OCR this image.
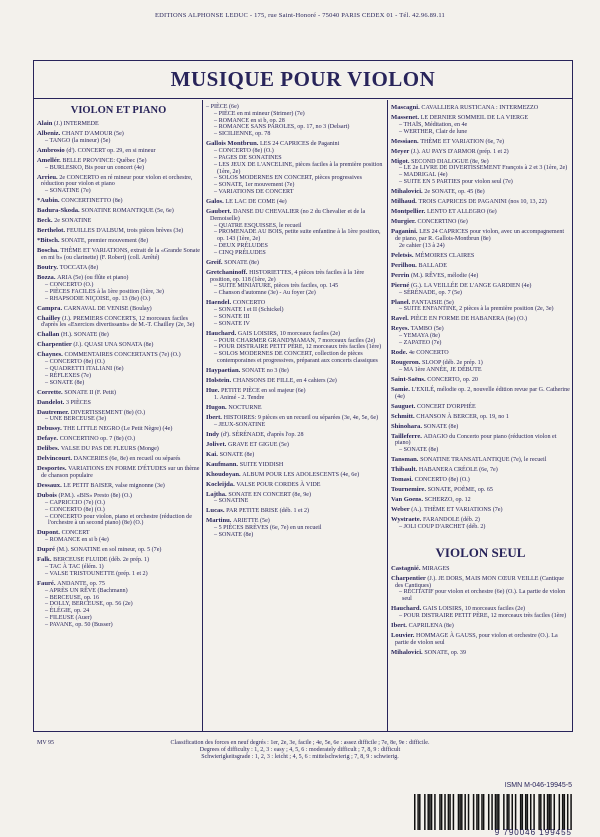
EDITIONS ALPHONSE LEDUC - 175, rue Saint-Honoré - 75040 PARIS CEDEX 01 - Tél. 42.96.89.11
MUSIQUE POUR VIOLON
VIOLON ET PIANO
Alain (J.) INTERMEDE
Albeniz. CHANT D'AMOUR (5e)
– TANGO (la mineur) (5e)
Ambrosio (d'). CONCERT op. 29, en si mineur
Amellér. BELLE PROVINCE: Québec (5e)
– BURLESKO, Bis pour un concert (4e)
Arrieu. 2e CONCERTO en ré mineur pour violon et orchestre, réduction pour violon et piano
– SONATINE (7e)
*Aubin. CONCERTINETTO (8e)
Badura-Skoda. SONATINE ROMANTIQUE (5e, 6e)
Beck. 2e SONATINE
Berthelot. FEUILLES D'ALBUM, trois pièces brèves (3e)
*Bitsch. SONATE, premier mouvement (8e)
Boscha. THÈME ET VARIATIONS, extrait de la «Grande Sonate en mi b» (ou clarinette) (F. Robert) (coll. Arrêté)
Boutry. TOCCATA (8e)
Bozza. ARIA (5e) (ou flûte et piano)
– CONCERTO (O.)
– PIÈCES FACILES à la 1ère position (1ère, 3e)
– RHAPSODIE NIÇOISE, op. 13 (8e) (O.)
Campra. CARNAVAL DE VENISE (Boulay)
Chailley (J.). PREMIERS CONCERTS, 12 morceaux faciles d'après les «Exercices divertissants» de M.-T. Chailley (2e, 3e)
Challan (H.). SONATE (8e)
Charpentier (J.). QUASI UNA SONATA (8e)
Chaynes. COMMENTAIRES CONCERTANTS (7e) (O.)
– CONCERTO (8e) (O.)
– QUADRETTI ITALIANI (6e)
– RÉFLEXES (7e)
– SONATE (8e)
Corrette. SONATE II (F. Petit)
Dandelot. 3 PIÈCES
Dautremer. DIVERTISSEMENT (8e) (O.)
– UNE BERCEUSE (3e)
Debussy. THE LITTLE NEGRO (Le Petit Nègre) (4e)
Defaye. CONCERTINO op. 7 (8e) (O.)
Delibes. VALSE DU PAS DE FLEURS (Monge)
Delvincourt. DANCERIES (6e, 8e) en recueil ou séparés
Desportes. VARIATIONS EN FORME D'ÉTUDES sur un thème de chanson populaire
Dessaux. LE PETIT BAISER, valse mignonne (3e)
Dubois (P.M.). «BIS» Presto (8e) (O.)
– CAPRICCIO (7e) (O.)
– CONCERTO (8e) (O.)
– CONCERTO pour violon, piano et orchestre (réduction de l'orchestre à un second piano) (8e) (O.)
Dupont. CONCERT
– ROMANCE en si b (4e)
Dupré (M.). SONATINE en sol mineur, op. 5 (7e)
Falk. BERCEUSE FLUIDE (déb. 2e prép. 1)
– TAC À TAC (élém. 1)
– VALSE TRISTOUNETTE (prép. 1 et 2)
Fauré. ANDANTE, op. 75
– APRÈS UN RÊVE (Bachmann)
– BERCEUSE, op. 16
– DOLLY, BERCEUSE, op. 56 (2e)
– ÉLÉGIE, op. 24
– FILEUSE (Auer)
– PAVANE, op. 50 (Busser)
– PIÈCE (6e)
– PIÈCE en mi mineur (Strimer) (7e)
– ROMANCE en si b, op. 28
– ROMANCE SANS PAROLES, op. 17, no 3 (Delsart)
– SICILIENNE, op. 78
Gallois Montbrun. LES 24 CAPRICES de Paganini
– CONCERTO (8e) (O.)
– PAGES DE SONATINES
– LES JEUX DE L'ANCELINE, pièces faciles à la première position (1ère, 2e)
– SOLOS MODERNES EN CONCERT, pièces progressives
– SONATE, 1er mouvement (7e)
– VARIATIONS DE CONCERT
Galos. LE LAC DE COME (4e)
Gaubert. DANSE DU CHEVALIER (no 2 du Chevalier et de la Demoiselle)
– QUATRE ESQUISSES, le recueil
– PROMENADE AU BOIS, petite suite enfantine à la 1ère position, op. 143 (1ère, 2e)
– DEUX PRÉLUDES
– CINQ PRÉLUDES
Greif. SONATE (8e)
Gretchaninoff. HISTORIETTES, 4 pièces très faciles à la 1ère position, op. 118 (1ère, 2e)
– SUITE MINIATURE, pièces très faciles, op. 145
– Chanson d'automne (3e) - Au foyer (2e)
Haendel. CONCERTO
– SONATE I et II (Schickel)
– SONATE III
– SONATE IV
Hauchard. GAIS LOISIRS, 10 morceaux faciles (2e)
– POUR CHARMER GRAND'MAMAN, 7 morceaux faciles (2e)
– POUR DISTRAIRE PETIT PÈRE, 12 morceaux très faciles (1ère)
– SOLOS MODERNES DE CONCERT, collection de pièces contemporaines et progressives, préparant aux concerts classiques
Haypaetian. SONATE no 3 (8e)
Holstein. CHANSONS DE FILLE, en 4 cahiers (2e)
Hue. PETITE PIÈCE en sol majeur (6e)
1. Animé - 2. Tendre
Hugon. NOCTURNE
Ibert. HISTOIRES: 9 pièces en un recueil ou séparées (3e, 4e, 5e, 6e)
– JEUX-SONATINE
Indy (d'). SÉRÉNADE, d'après l'op. 28
Jolivet. GRAVE ET GIGUE (5e)
Kai. SONATE (8e)
Kaufmann. SUITE YIDDISH
Khoudoyan. ALBUM POUR LES ADOLESCENTS (4e, 6e)
Kocleijda. VALSE POUR CORDES À VIDE
Lajtha. SONATE EN CONCERT (8e, 9e)
– SONATINE
Lucas. PAR PETITE BRISE (déb. 1 et 2)
Martinu. ARIETTE (5e)
– 5 PIÈCES BRÈVES (6e, 7e) en un recueil
– SONATE (8e)
Mascagni. CAVALLIERA RUSTICANA : INTERMEZZO
Massenet. LE DERNIER SOMMEIL DE LA VIERGE
– THAÏS, Méditation, en 4e
– WERTHER, Clair de lune
Messiaen. THÈME ET VARIATION (6e, 7e)
Meyer (J.). AU PAYS D'ARMOR (prép. 1 et 2)
Migot. SECOND DIALOGUE (8e, 9e)
– LE 2e LIVRE DE DIVERTISSEMENT François à 2 et 3 (1ère, 2e)
– MADRIGAL (4e)
– SUITE EN 5 PARTIES pour violon seul (7e)
Mihalovici. 2e SONATE, op. 45 (8e)
Milhaud. TROIS CAPRICES DE PAGANINI (nos 10, 13, 22)
Montpellier. LENTO ET ALLEGRO (6e)
Murgier. CONCERTINO (6e)
Paganini. LES 24 CAPRICES pour violon, avec un accompagnement de piano, par R. Gallois-Montbrun (8e)
2e cahier (13 à 24)
Peletsis. MÉMOIRES CLAIRES
Perilhou. BALLADE
Perrin (M.). RÊVES, mélodie (4e)
Pierné (G.). LA VEILLÉE DE L'ANGE GARDIEN (4e)
– SÉRÉNADE, op. 7 (5e)
Planel. FANTAISIE (5e)
– SUITE ENFANTINE, 2 pièces à la première position (2e, 3e)
Ravel. PIÈCE EN FORME DE HABANERA (6e) (O.)
Reyes. TAMBO (5e)
– YEMAYA (8e)
– ZAPATEO (7e)
Rode. 4e CONCERTO
Rougeron. SLOOP (déb. 2e prép. 1)
– MA 1ère ANNÉE, JE DÉBUTE
Saint-Saëns. CONCERTO, op. 20
Samie. L'EXILÉ, mélodie op. 2, nouvelle édition revue par G. Catherine (4e)
Sauguet. CONCERT D'ORPHÉE
Schmitt. CHANSON À BERCER, op. 19, no 1
Shinohara. SONATE (8e)
Tailleferre. ADAGIO du Concerto pour piano (réduction violon et piano)
– SONATE (8e)
Tansman. SONATINE TRANSATLANTIQUE (7e), le recueil
Thibault. HABANERA CRÉOLE (6e, 7e)
Tomasi. CONCERTO (8e) (O.)
Tournemire. SONATE, POÈME, op. 65
Van Goens. SCHERZO, op. 12
Weber (A.). THÈME ET VARIATIONS (7e)
Wystraete. FARANDOLE (déb. 2)
– JOLI COUP D'ARCHET (déb. 2)
VIOLON SEUL
Castagnié. MIRAGES
Charpentier (J.). JE DORS, MAIS MON CŒUR VEILLE (Cantique des Cantiques)
– RÉCITATIF pour violon et orchestre (6e) (O.). La partie de violon seul
Hauchard. GAIS LOISIRS, 10 morceaux faciles (2e)
– POUR DISTRAIRE PETIT PÈRE, 12 morceaux très faciles (1ère)
Ibert. CAPRILENA (8e)
Louvier. HOMMAGE À GAUSS, pour violon et orchestre (O.). La partie de violon seul
Mihalovici. SONATE, op. 39
MV 95	Classification des forces en neuf degrés : 1er, 2e, 3e, facile ; 4e, 5e, 6e : assez difficile ; 7e, 8e, 9e : difficile.
Degrees of difficulty : 1, 2, 3 : easy ; 4, 5, 6 : moderately difficult ; 7, 8, 9 : difficult
Schwierigkeitsgrade : 1, 2, 3 : leicht ; 4, 5, 6 : mittelschwierig ; 7, 8, 9 : schwierig.
ISMN M-046-19945-5
9 790046 199455
